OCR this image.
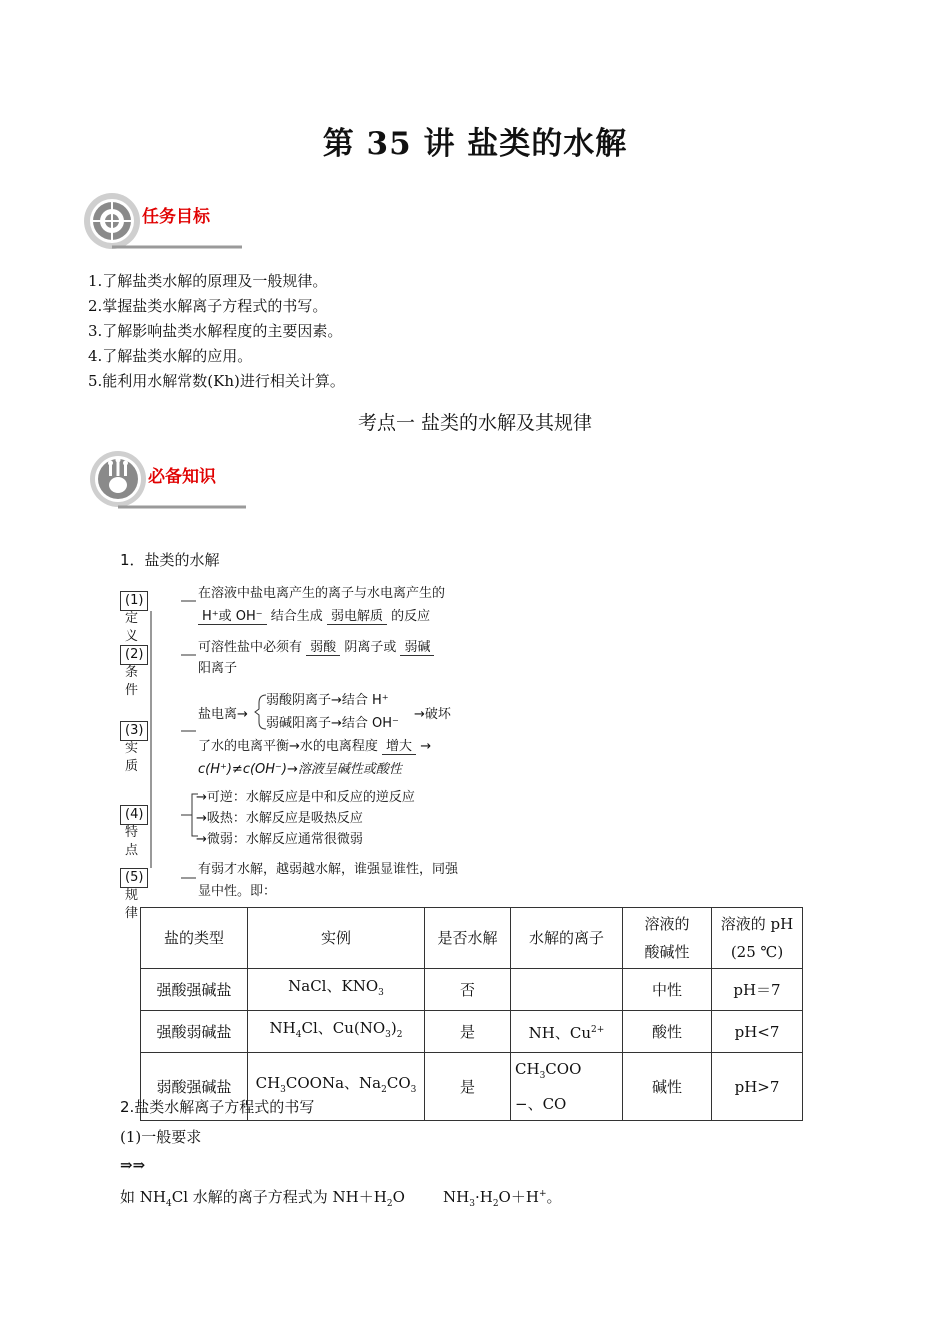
第 35 讲 盐类的水解
任务目标
1.了解盐类水解的原理及一般规律。
2.掌握盐类水解离子方程式的书写。
3.了解影响盐类水解程度的主要因素。
4.了解盐类水解的应用。
5.能利用水解常数(Kh)进行相关计算。
考点一 盐类的水解及其规律
必备知识
1．盐类的水解
(1)定义
在溶液中盐电离产生的离子与水电离产生的
H⁺或 OH⁻ 结合生成 弱电解质 的反应
(2)条件
可溶性盐中必须有 弱酸 阴离子或 弱碱
阳离子
(3)实质
盐电离→
弱酸阴离子→结合 H⁺
弱碱阳离子→结合 OH⁻
→破坏
了水的电离平衡→水的电离程度 增大 →
c(H⁺)≠c(OH⁻)→溶液呈碱性或酸性
(4)特点
→可逆：水解反应是中和反应的逆反应
→吸热：水解反应是吸热反应
→微弱：水解反应通常很微弱
(5)规律
有弱才水解，越弱越水解，谁强显谁性，同强
显中性。即：
盐的类型	实例	是否水解	水解的离子	溶液的酸碱性	溶液的 pH (25 ℃)
强酸强碱盐	NaCl、$KNO_3$	否		中性	pH＝7
强酸弱碱盐	$NH_4Cl$、$Cu(NO_3)_2$	是	NH、$Cu^{2+}$	酸性	pH<7
弱酸强碱盐	$CH_3COONa$、$Na_2CO_3$	是	$CH_3COO$
−、CO	碱性	pH>7
2.盐类水解离子方程式的书写
(1)一般要求
⇒⇒
如 $NH_4Cl$ 水解的离子方程式为 $NH+H_2O$        $NH_3\cdot H_2O+H^+$。
